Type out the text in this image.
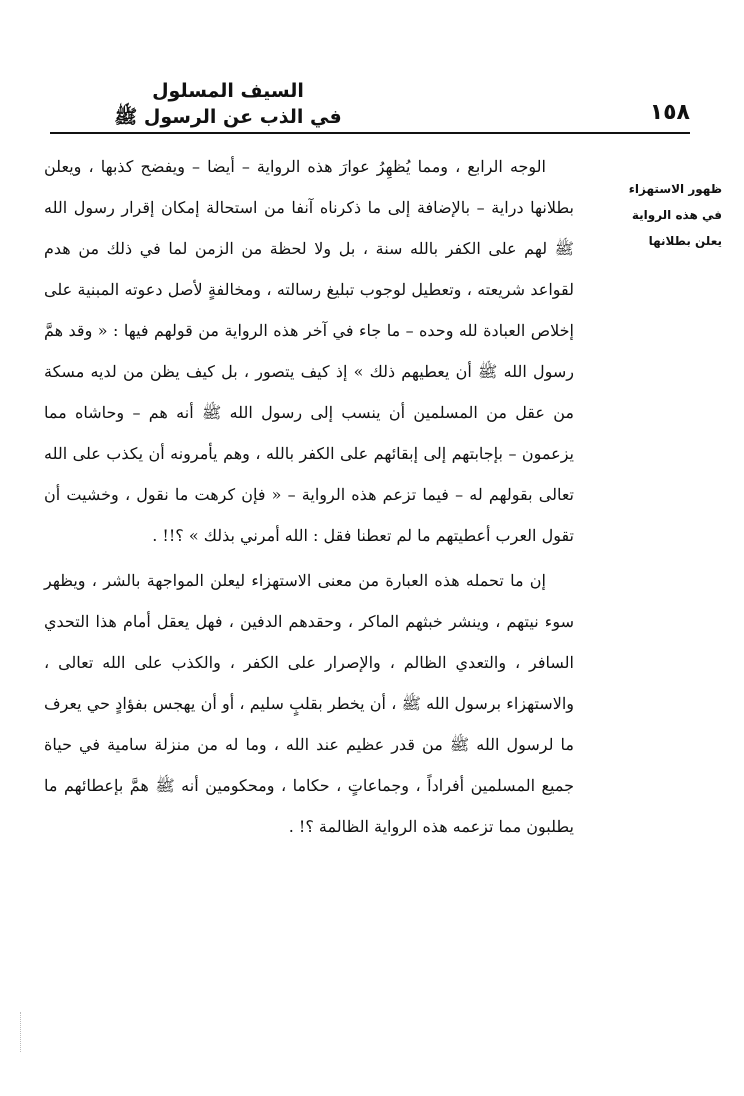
١٥٨
السيف المسلول
في الذب عن الرسول ﷺ
ظهور الاستهزاء
في هذه الرواية
يعلن بطلانها

الوجه الرابع ، ومما يُظهِرُ عوارَ هذه الرواية – أيضا – ويفضح كذبها ، ويعلن بطلانها دراية – بالإضافة إلى ما ذكرناه آنفا من استحالة إمكان إقرار رسول الله ﷺ لهم على الكفر بالله سنة ، بل ولا لحظة من الزمن لما في ذلك من هدم لقواعد شريعته ، وتعطيل لوجوب تبليغ رسالته ، ومخالفةٍ لأصل دعوته المبنية على إخلاص العبادة لله وحده – ما جاء في آخر هذه الرواية من قولهم فيها : « وقد همَّ رسول الله ﷺ أن يعطيهم ذلك » إذ كيف يتصور ، بل كيف يظن من لديه مسكة من عقل من المسلمين أن ينسب إلى رسول الله ﷺ أنه هم – وحاشاه مما يزعمون – بإجابتهم إلى إبقائهم على الكفر بالله ، وهم يأمرونه أن يكذب على الله تعالى بقولهم له – فيما تزعم هذه الرواية – « فإن كرهت ما نقول ، وخشيت أن تقول العرب أعطيتهم ما لم تعطنا فقل : الله أمرني بذلك » ؟!! .

إن ما تحمله هذه العبارة من معنى الاستهزاء ليعلن المواجهة بالشر ، ويظهر سوء نيتهم ، وينشر خبثهم الماكر ، وحقدهم الدفين ، فهل يعقل أمام هذا التحدي السافر ، والتعدي الظالم ، والإصرار على الكفر ، والكذب على الله تعالى ، والاستهزاء برسول الله ﷺ ، أن يخطر بقلبٍ سليم ، أو أن يهجس بفؤادٍ حي يعرف ما لرسول الله ﷺ من قدر عظيم عند الله ، وما له من منزلة سامية في حياة جميع المسلمين أفراداً ، وجماعاتٍ ، حكاما ، ومحكومين أنه ﷺ همَّ بإعطائهم ما يطلبون مما تزعمه هذه الرواية الظالمة ؟! .
